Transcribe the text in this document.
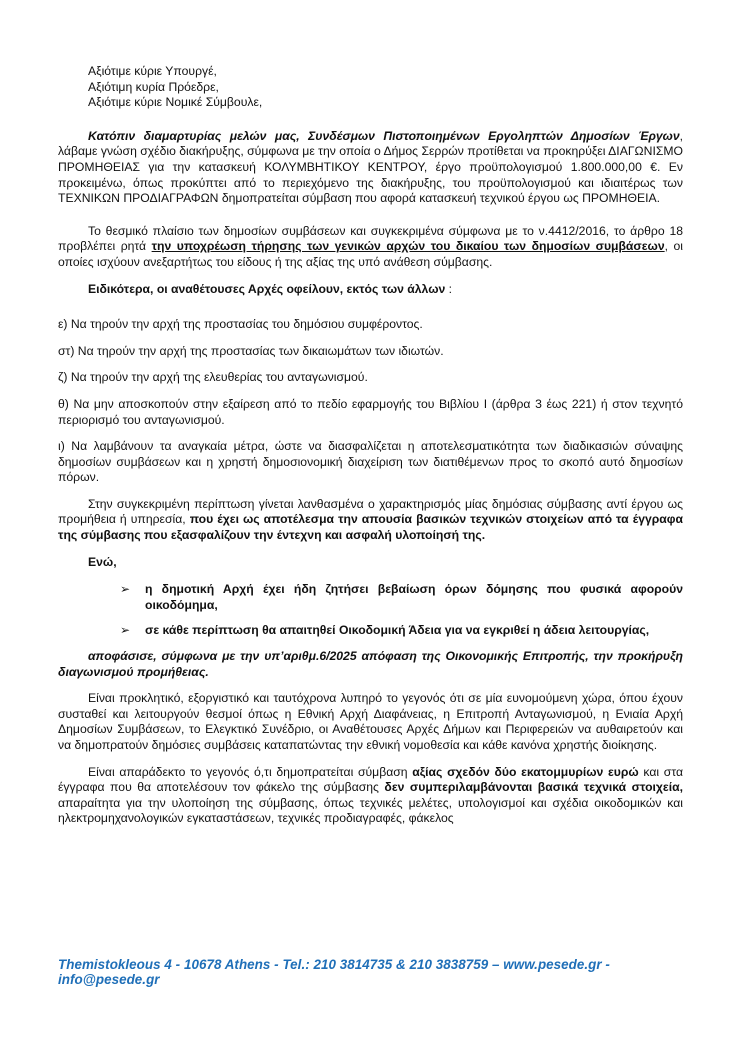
Αξιότιμε κύριε Υπουργέ,
Αξιότιμη κυρία Πρόεδρε,
Αξιότιμε κύριε Νομικέ Σύμβουλε,

Κατόπιν διαμαρτυρίας μελών μας, Συνδέσμων Πιστοποιημένων Εργοληπτών Δημοσίων Έργων, λάβαμε γνώση σχέδιο διακήρυξης, σύμφωνα με την οποία ο Δήμος Σερρών προτίθεται να προκηρύξει ΔΙΑΓΩΝΙΣΜΟ ΠΡΟΜΗΘΕΙΑΣ για την κατασκευή ΚΟΛΥΜΒΗΤΙΚΟΥ ΚΕΝΤΡΟΥ, έργο προϋπολογισμού 1.800.000,00 €. Εν προκειμένω, όπως προκύπτει από το περιεχόμενο της διακήρυξης, του προϋπολογισμού και ιδιαιτέρως των ΤΕΧΝΙΚΩΝ ΠΡΟΔΙΑΓΡΑΦΩΝ δημοπρατείται σύμβαση που αφορά κατασκευή τεχνικού έργου ως ΠΡΟΜΗΘΕΙΑ.

Το θεσμικό πλαίσιο των δημοσίων συμβάσεων και συγκεκριμένα σύμφωνα με το ν.4412/2016, το άρθρο 18 προβλέπει ρητά την υποχρέωση τήρησης των γενικών αρχών του δικαίου των δημοσίων συμβάσεων, οι οποίες ισχύουν ανεξαρτήτως του είδους ή της αξίας της υπό ανάθεση σύμβασης.

Ειδικότερα, οι αναθέτουσες Αρχές οφείλουν, εκτός των άλλων :

ε) Να τηρούν την αρχή της προστασίας του δημόσιου συμφέροντος.

στ) Να τηρούν την αρχή της προστασίας των δικαιωμάτων των ιδιωτών.

ζ) Να τηρούν την αρχή της ελευθερίας του ανταγωνισμού.

θ) Να μην αποσκοπούν στην εξαίρεση από το πεδίο εφαρμογής του Βιβλίου Ι (άρθρα 3 έως 221) ή στον τεχνητό περιορισμό του ανταγωνισμού.

ι) Να λαμβάνουν τα αναγκαία μέτρα, ώστε να διασφαλίζεται η αποτελεσματικότητα των διαδικασιών σύναψης δημοσίων συμβάσεων και η χρηστή δημοσιονομική διαχείριση των διατιθέμενων προς το σκοπό αυτό δημοσίων πόρων.

Στην συγκεκριμένη περίπτωση γίνεται λανθασμένα ο χαρακτηρισμός μίας δημόσιας σύμβασης αντί έργου ως προμήθεια ή υπηρεσία, που έχει ως αποτέλεσμα την απουσία βασικών τεχνικών στοιχείων από τα έγγραφα της σύμβασης που εξασφαλίζουν την έντεχνη και ασφαλή υλοποίησή της.

Ενώ,

➢ η δημοτική Αρχή έχει ήδη ζητήσει βεβαίωση όρων δόμησης που φυσικά αφορούν οικοδόμημα,
➢ σε κάθε περίπτωση θα απαιτηθεί Οικοδομική Άδεια για να εγκριθεί η άδεια λειτουργίας,

αποφάσισε, σύμφωνα με την υπ’αριθμ.6/2025 απόφαση της Οικονομικής Επιτροπής, την προκήρυξη διαγωνισμού προμήθειας.

Είναι προκλητικό, εξοργιστικό και ταυτόχρονα λυπηρό το γεγονός ότι σε μία ευνομούμενη χώρα, όπου έχουν συσταθεί και λειτουργούν θεσμοί όπως η Εθνική Αρχή Διαφάνειας, η Επιτροπή Ανταγωνισμού, η Ενιαία Αρχή Δημοσίων Συμβάσεων, το Ελεγκτικό Συνέδριο, οι Αναθέτουσες Αρχές Δήμων και Περιφερειών να αυθαιρετούν και να δημοπρατούν δημόσιες συμβάσεις καταπατώντας την εθνική νομοθεσία και κάθε κανόνα χρηστής διοίκησης.

Είναι απαράδεκτο το γεγονός ό,τι δημοπρατείται σύμβαση αξίας σχεδόν δύο εκατομμυρίων ευρώ και στα έγγραφα που θα αποτελέσουν τον φάκελο της σύμβασης δεν συμπεριλαμβάνονται βασικά τεχνικά στοιχεία, απαραίτητα για την υλοποίηση της σύμβασης, όπως τεχνικές μελέτες, υπολογισμοί και σχέδια οικοδομικών και ηλεκτρομηχανολογικών εγκαταστάσεων, τεχνικές προδιαγραφές, φάκελος

Themistokleous 4 - 10678 Athens - Tel.: 210 3814735 & 210 3838759 – www.pesede.gr - info@pesede.gr
